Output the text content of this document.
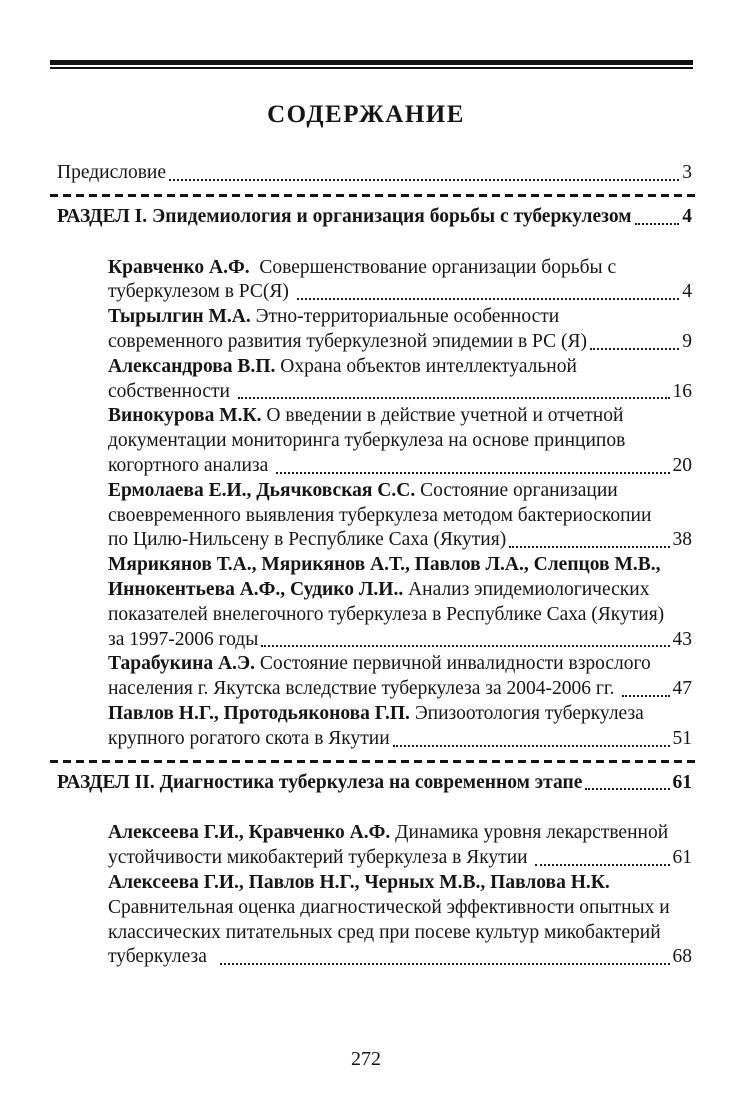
СОДЕРЖАНИЕ
Предисловие	3
РАЗДЕЛ I. Эпидемиология и организация борьбы с туберкулезом	4
Кравченко А.Ф. Совершенствование организации борьбы с
туберкулезом в РС(Я)	4
Тырылгин М.А. Этно-территориальные особенности
современного развития туберкулезной эпидемии в РС (Я)	9
Александрова В.П. Охрана объектов интеллектуальной
собственности	16
Винокурова М.К. О введении в действие учетной и отчетной
документации мониторинга туберкулеза на основе принципов
когортного анализа	20
Ермолаева Е.И., Дьячковская С.С. Состояние организации
своевременного выявления туберкулеза методом бактериоскопии
по Цилю-Нильсену в Республике Саха (Якутия)	38
Мярикянов Т.А., Мярикянов А.Т., Павлов Л.А., Слепцов М.В.,
Иннокентьева А.Ф., Судико Л.И.. Анализ эпидемиологических
показателей внелегочного туберкулеза в Республике Саха (Якутия)
за 1997-2006 годы	43
Тарабукина А.Э. Состояние первичной инвалидности взрослого
населения г. Якутска вследствие туберкулеза за 2004-2006 гг.	47
Павлов Н.Г., Протодьяконова Г.П. Эпизоотология туберкулеза
крупного рогатого скота в Якутии	51
РАЗДЕЛ II. Диагностика туберкулеза на современном этапе	61
Алексеева Г.И., Кравченко А.Ф. Динамика уровня лекарственной
устойчивости микобактерий туберкулеза в Якутии	61
Алексеева Г.И., Павлов Н.Г., Черных М.В., Павлова Н.К.
Сравнительная оценка диагностической эффективности опытных и
классических питательных сред при посеве культур микобактерий
туберкулеза	68
272
